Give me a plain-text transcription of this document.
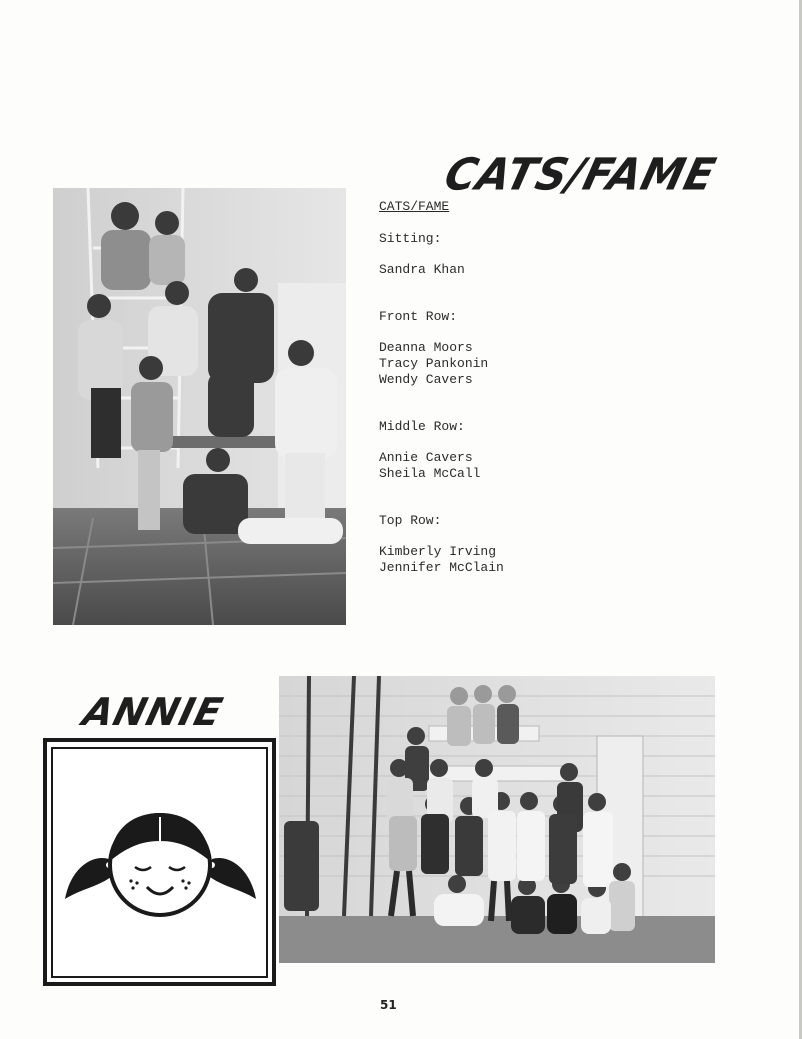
CATS/FAME
CATS/FAME
Sitting:
Sandra Khan
Front Row:
Deanna Moors
Tracy Pankonin
Wendy Cavers
Middle Row:
Annie Cavers
Sheila McCall
Top Row:
Kimberly Irving
Jennifer McClain
ANNIE
51
